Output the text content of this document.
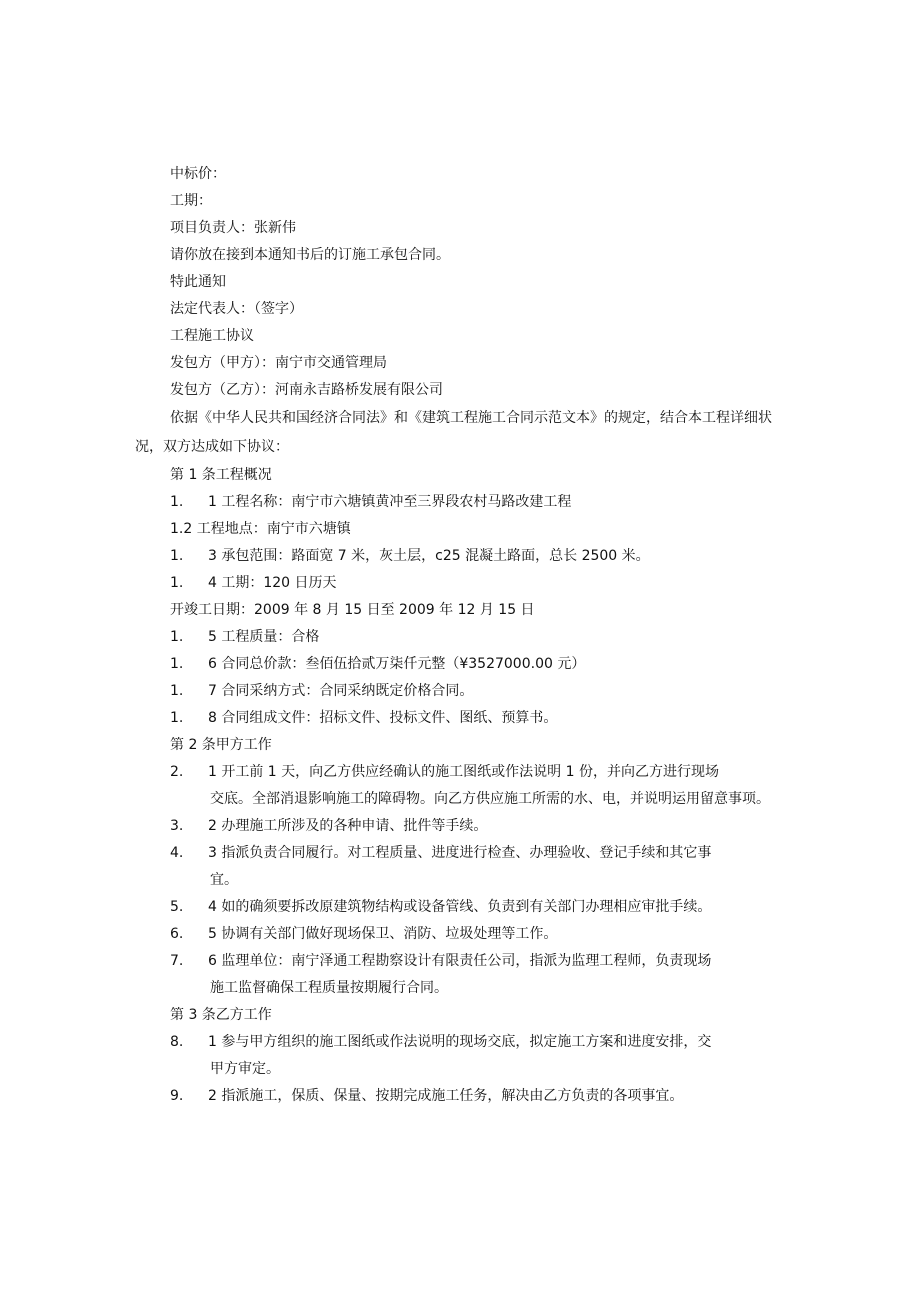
中标价：
工期：
项目负责人：张新伟
请你放在接到本通知书后的订施工承包合同。
特此通知
法定代表人：（签字）
工程施工协议
发包方（甲方）：南宁市交通管理局
发包方（乙方）：河南永吉路桥发展有限公司
依据《中华人民共和国经济合同法》和《建筑工程施工合同示范文本》的规定，结合本工程详细状
况，双方达成如下协议：
第 1 条工程概况
1. 1 工程名称：南宁市六塘镇黄冲至三界段农村马路改建工程
1.2 工程地点：南宁市六塘镇
1. 3 承包范围：路面宽 7 米，灰土层，c25 混凝土路面，总长 2500 米。
1. 4 工期：120 日历天
开竣工日期：2009 年 8 月 15 日至 2009 年 12 月 15 日
1. 5 工程质量：合格
1. 6 合同总价款：叁佰伍拾贰万柒仟元整（¥3527000.00 元）
1. 7 合同采纳方式：合同采纳既定价格合同。
1. 8 合同组成文件：招标文件、投标文件、图纸、预算书。
第 2 条甲方工作
2. 1 开工前 1 天，向乙方供应经确认的施工图纸或作法说明 1 份，并向乙方进行现场
交底。全部消退影响施工的障碍物。向乙方供应施工所需的水、电，并说明运用留意事项。
3. 2 办理施工所涉及的各种申请、批件等手续。
4. 3 指派负责合同履行。对工程质量、进度进行检查、办理验收、登记手续和其它事
宜。
5. 4 如的确须要拆改原建筑物结构或设备管线、负责到有关部门办理相应审批手续。
6. 5 协调有关部门做好现场保卫、消防、垃圾处理等工作。
7. 6 监理单位：南宁泽通工程勘察设计有限责任公司，指派为监理工程师，负责现场
施工监督确保工程质量按期履行合同。
第 3 条乙方工作
8. 1 参与甲方组织的施工图纸或作法说明的现场交底，拟定施工方案和进度安排，交
甲方审定。
9. 2 指派施工，保质、保量、按期完成施工任务，解决由乙方负责的各项事宜。
